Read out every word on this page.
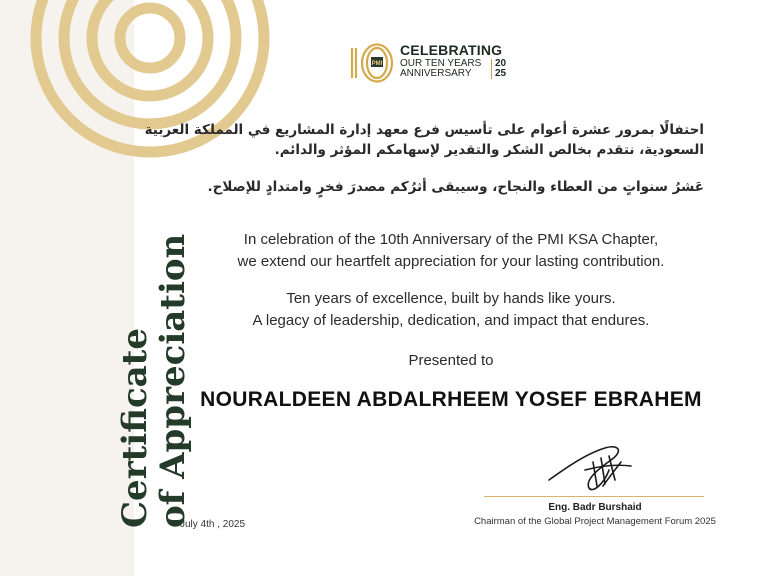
Certificate
of Appreciation
PMI
CELEBRATING
OUR TEN YEARS
ANNIVERSARY
20
25
احتفالًا بمرور عشرة أعوام على تأسيس فرع معهد إدارة المشاريع في المملكة العربية السعودية، نتقدم بخالص الشكر والتقدير لإسهامكم المؤثر والدائم.
عَشرُ سنواتٍ من العطاء والنجاح، وسيبقى أثرُكم مصدرَ فخرٍ وامتدادٍ للإصلاح.
In celebration of the 10th Anniversary of the PMI KSA Chapter,
we extend our heartfelt appreciation for your lasting contribution.
Ten years of excellence, built by hands like yours.
A legacy of leadership, dedication, and impact that endures.
Presented to
NOURALDEEN ABDALRHEEM YOSEF EBRAHEM
Eng. Badr Burshaid
Chairman of the Global Project Management Forum 2025
July 4th , 2025
